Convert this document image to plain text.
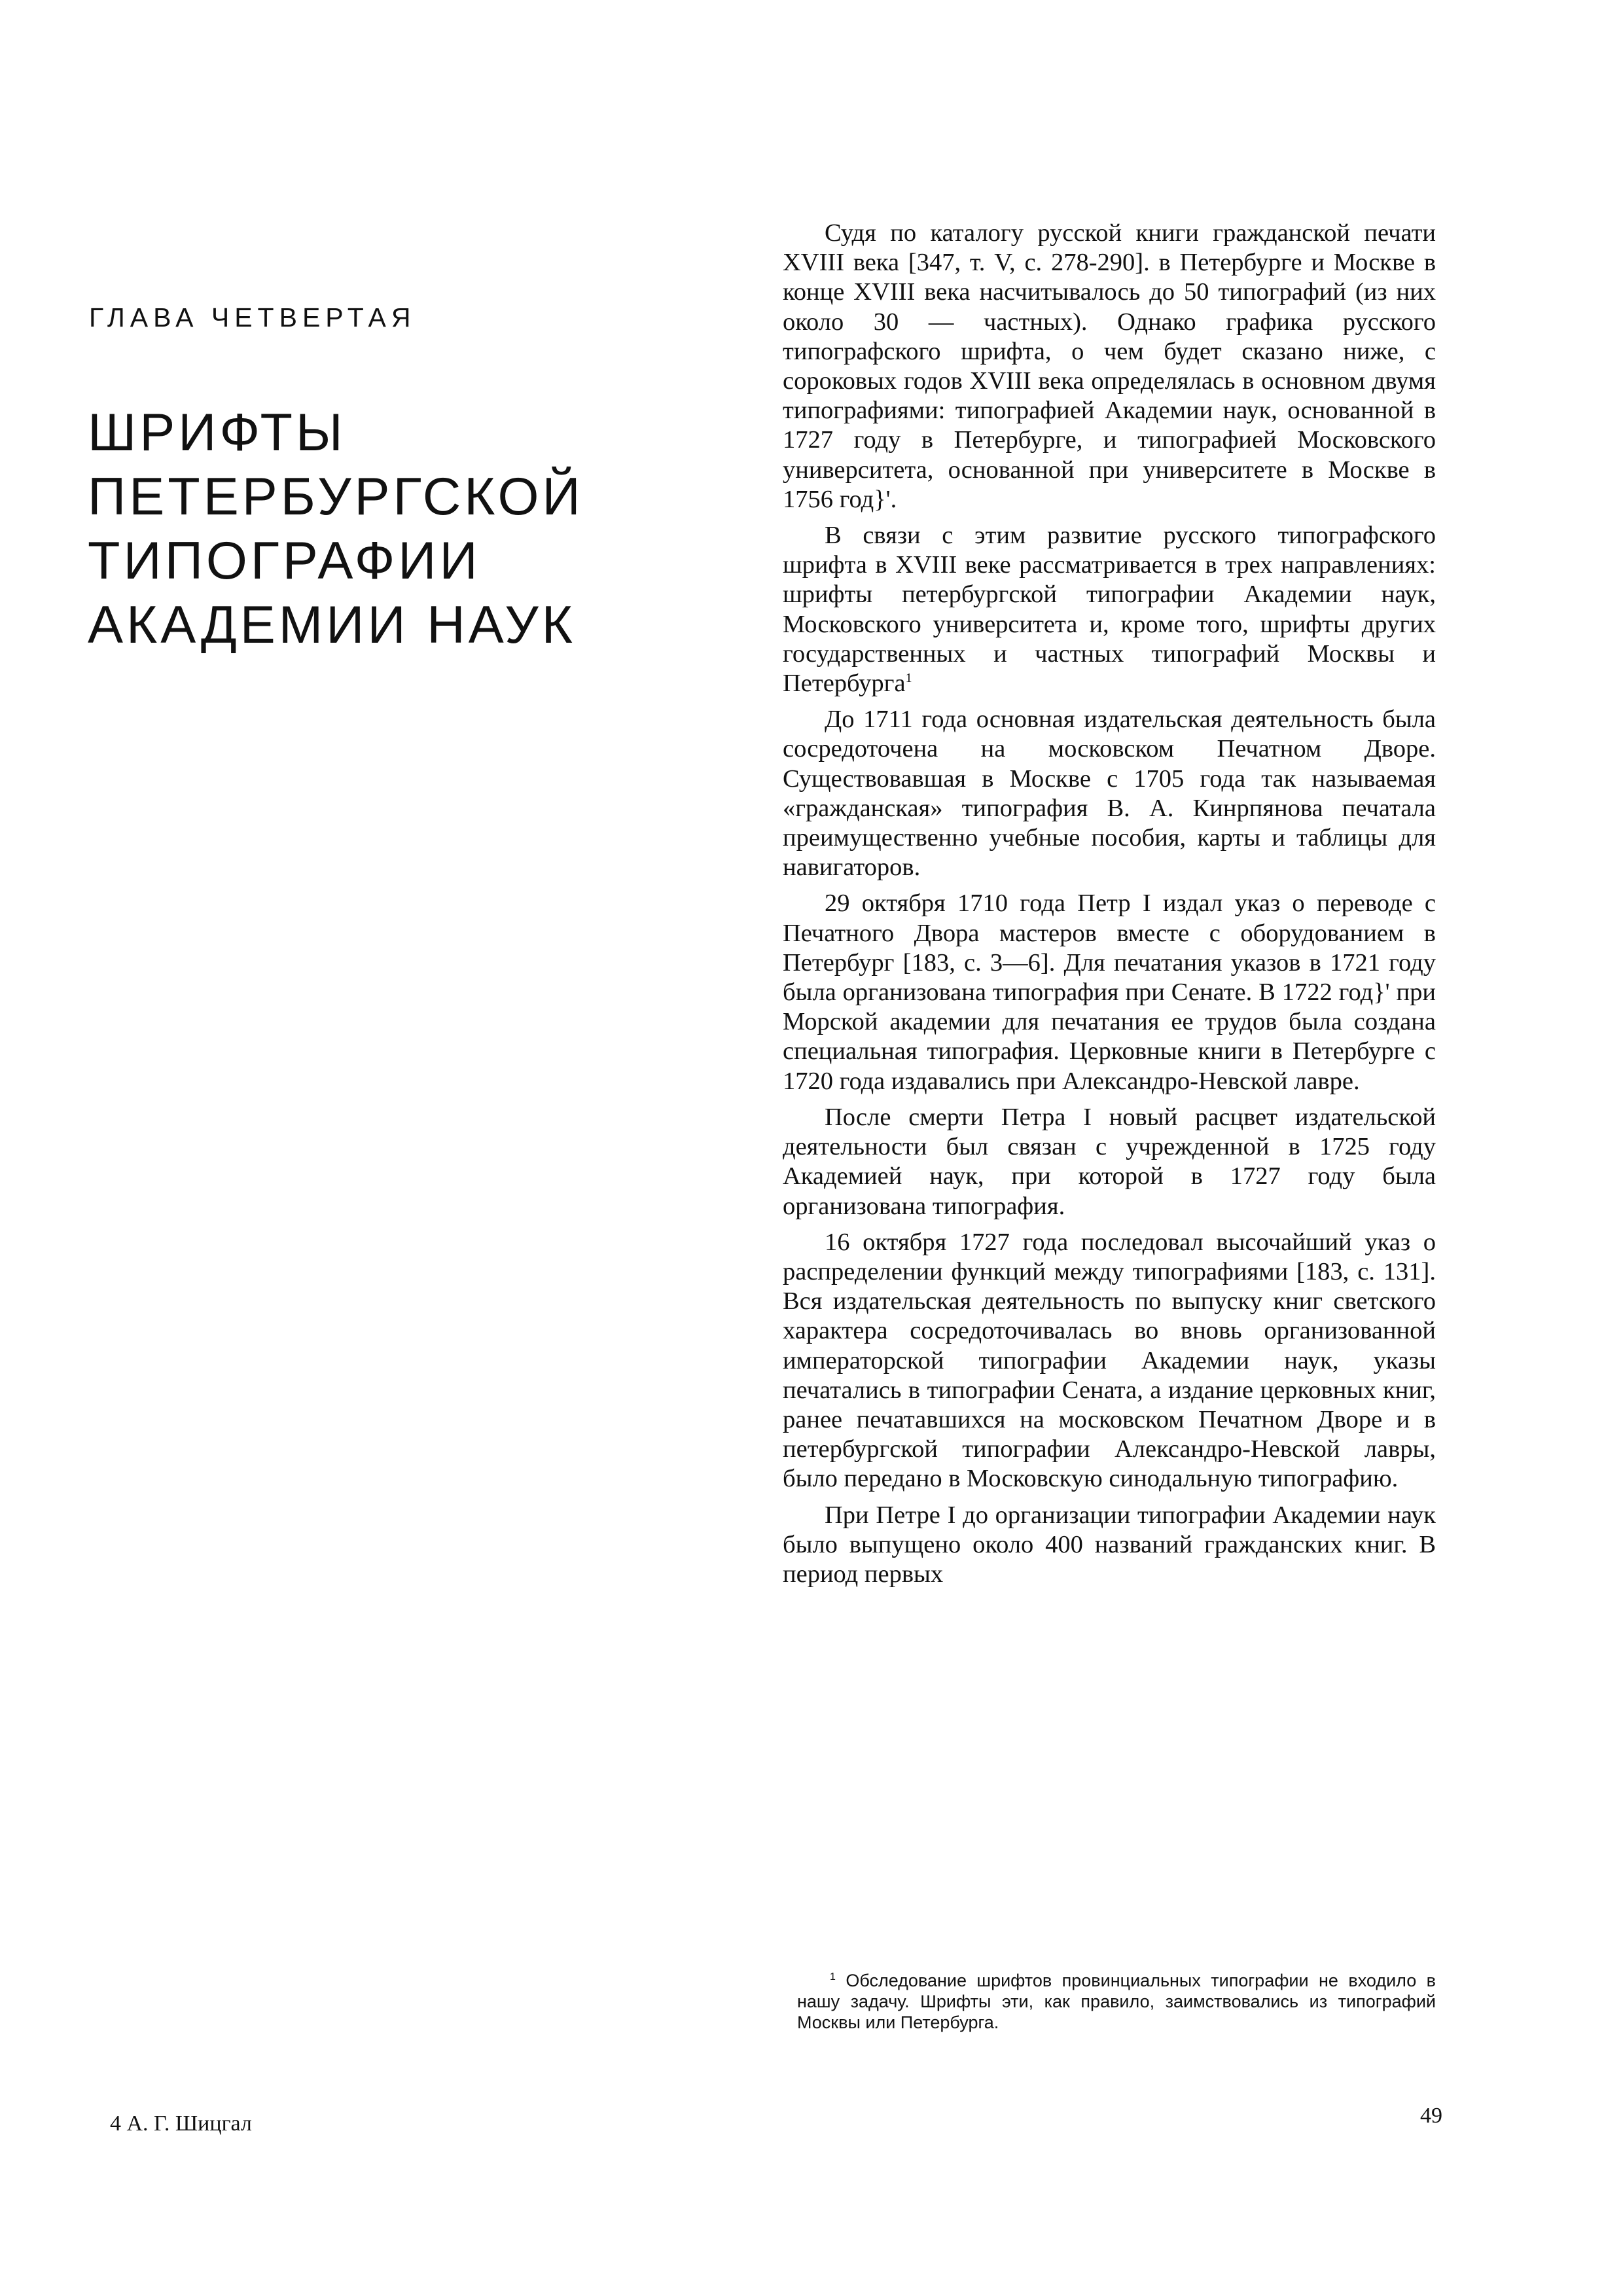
ГЛАВА ЧЕТВЕРТАЯ
ШРИФТЫ
ПЕТЕРБУРГСКОЙ
ТИПОГРАФИИ
АКАДЕМИИ НАУК

Судя по каталогу русской книги гражданской печати XVIII века [347, т. V, с. 278-290]. в Петербурге и Москве в конце XVIII века насчитывалось до 50 типографий (из них около 30 — частных). Однако графика русского типографского шрифта, о чем будет сказано ниже, с сороковых годов XVIII века определялась в основном двумя типографиями: типографией Академии наук, основанной в 1727 году в Петербурге, и типографией Московского университета, основанной при университете в Москве в 1756 год}'.

В связи с этим развитие русского типографского шрифта в XVIII веке рассматривается в трех направлениях: шрифты петербургской типографии Академии наук, Московского университета и, кроме того, шрифты других государственных и частных типографий Москвы и Петербурга$^1$

До 1711 года основная издательская деятельность была сосредоточена на московском Печатном Дворе. Существовавшая в Москве с 1705 года так называемая «гражданская» типография В. А. Кинрпянова печатала преимущественно учебные пособия, карты и таблицы для навигаторов.

29 октября 1710 года Петр I издал указ о переводе с Печатного Двора мастеров вместе с оборудованием в Петербург [183, с. 3—6]. Для печатания указов в 1721 году была организована типография при Сенате. В 1722 год}' при Морской академии для печатания ее трудов была создана специальная типография. Церковные книги в Петербурге с 1720 года издавались при Александро-Невской лавре.

После смерти Петра I новый расцвет издательской деятельности был связан с учрежденной в 1725 году Академией наук, при которой в 1727 году была организована типография.

16 октября 1727 года последовал высочайший указ о распределении функций между типографиями [183, с. 131]. Вся издательская деятельность по выпуску книг светского характера сосредоточивалась во вновь организованной императорской типографии Академии наук, указы печатались в типографии Сената, а издание церковных книг, ранее печатавшихся на московском Печатном Дворе и в петербургской типографии Александро-Невской лавры, было передано в Московскую синодальную типографию.

При Петре I до организации типографии Академии наук было выпущено около 400 названий гражданских книг. В период первых

$^1$ Обследование шрифтов провинциальных типографии не входило в нашу задачу. Шрифты эти, как правило, заимствовались из типографий Москвы или Петербурга.

4 А. Г. Шицгал	49
